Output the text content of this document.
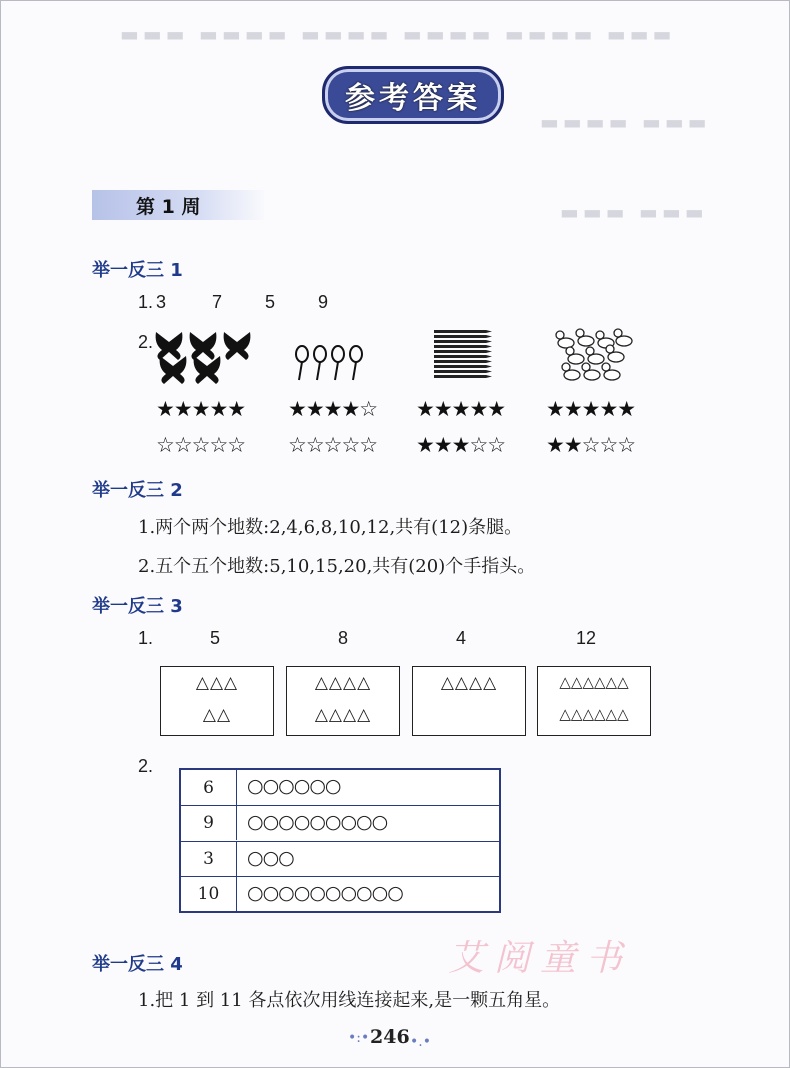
▬▬▬ ▬▬▬▬ ▬▬▬▬ ▬▬▬▬ ▬▬▬▬ ▬▬▬
▬▬▬▬ ▬▬▬
▬▬▬ ▬▬▬
参考答案
第 1 周
举一反三 1
1. 3	7 5 9
2.
★★★★★ ★★★★☆ ★★★★★ ★★★★★
☆☆☆☆☆ ☆☆☆☆☆ ★★★☆☆ ★★☆☆☆
举一反三 2
1.两个两个地数:2,4,6,8,10,12,共有(12)条腿。
2.五个五个地数:5,10,15,20,共有(20)个手指头。
举一反三 3
1.	5	8	4	12
△△△
△△
△△△△
△△△△
△△△△	△△△△△△
△△△△△△
2.
6	○○○○○○
9	○○○○○○○○○
3	○○○
10	○○○○○○○○○○
举一反三 4
1.把 1 到 11 各点依次用线连接起来,是一颗五角星。
艾阅童书
•:• 246 •.•
